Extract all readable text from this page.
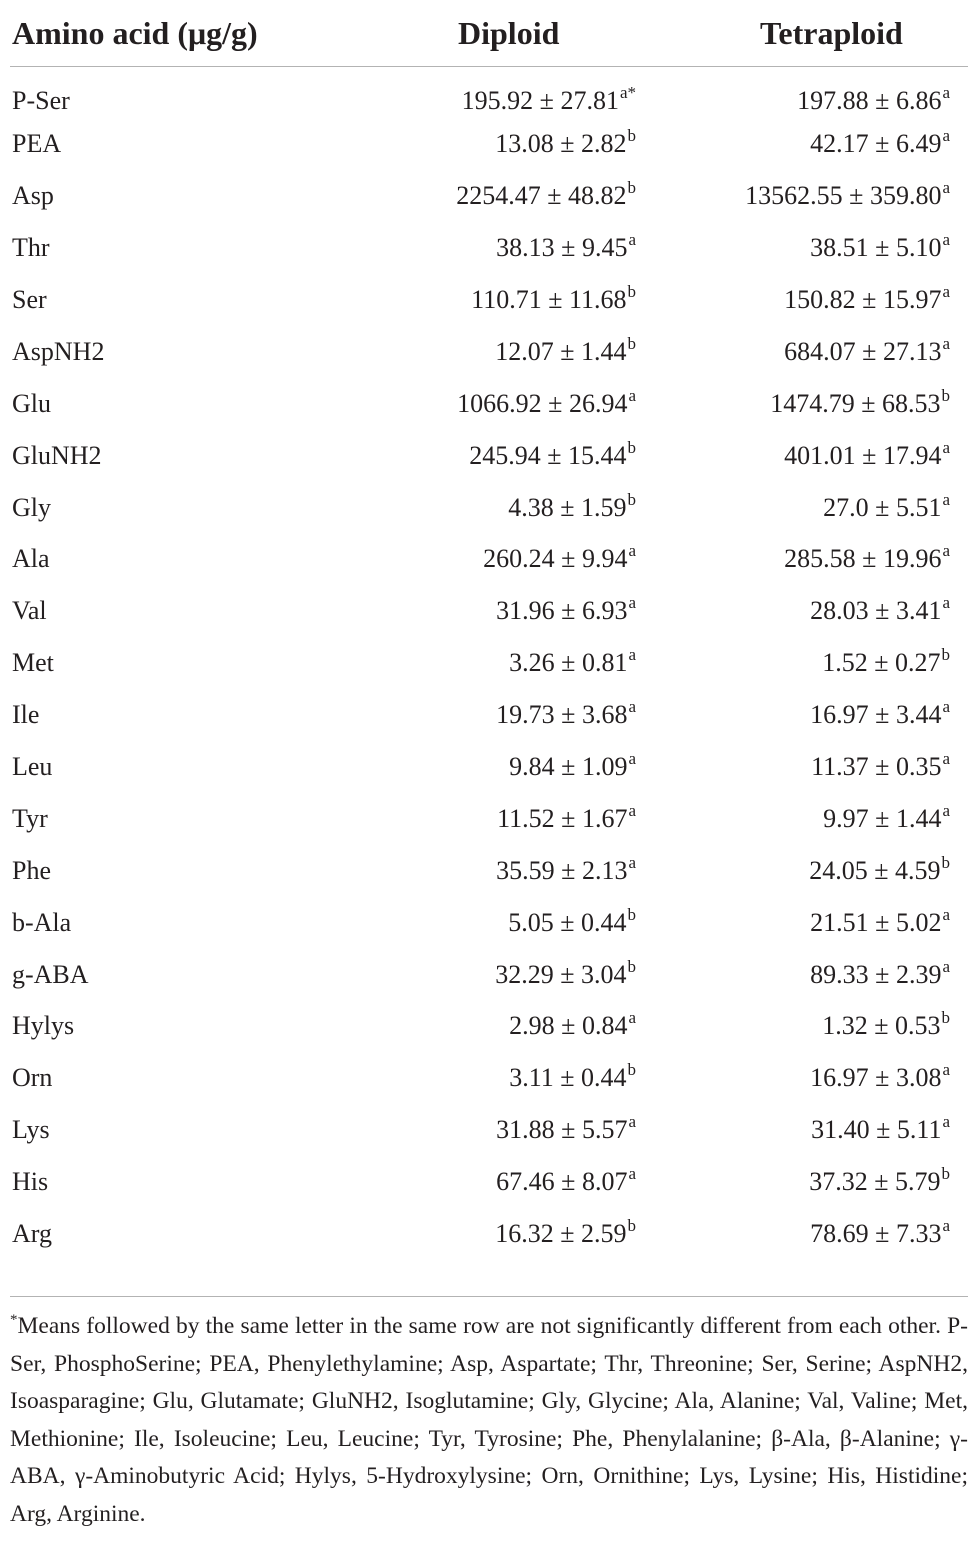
Amino acid (μg/g)	Diploid	Tetraploid
P-Ser	$195.92 \pm 27.81^{a*}$	197.88 ± 6.86$^a$
PEA	13.08 ± 2.82$^b$	42.17 ± 6.49$^a$
Asp	2254.47 ± 48.82$^b$	13562.55 ± 359.80$^a$
Thr	38.13 ± 9.45$^a$	38.51 ± 5.10$^a$
Ser	110.71 ± 11.68$^b$	150.82 ± 15.97$^a$
AspNH2	12.07 ± 1.44$^b$	684.07 ± 27.13$^a$
Glu	1066.92 ± 26.94$^a$	1474.79 ± 68.53$^b$
GluNH2	245.94 ± 15.44$^b$	401.01 ± 17.94$^a$
Gly	4.38 ± 1.59$^b$	27.0 ± 5.51$^a$
Ala	260.24 ± 9.94$^a$	285.58 ± 19.96$^a$
Val	31.96 ± 6.93$^a$	28.03 ± 3.41$^a$
Met	3.26 ± 0.81$^a$	1.52 ± 0.27$^b$
Ile	19.73 ± 3.68$^a$	16.97 ± 3.44$^a$
Leu	9.84 ± 1.09$^a$	11.37 ± 0.35$^a$
Tyr	11.52 ± 1.67$^a$	9.97 ± 1.44$^a$
Phe	35.59 ± 2.13$^a$	24.05 ± 4.59$^b$
b-Ala	5.05 ± 0.44$^b$	21.51 ± 5.02$^a$
g-ABA	32.29 ± 3.04$^b$	89.33 ± 2.39$^a$
Hylys	2.98 ± 0.84$^a$	1.32 ± 0.53$^b$
Orn	3.11 ± 0.44$^b$	16.97 ± 3.08$^a$
Lys	31.88 ± 5.57$^a$	31.40 ± 5.11$^a$
His	67.46 ± 8.07$^a$	37.32 ± 5.79$^b$
Arg	16.32 ± 2.59$^b$	78.69 ± 7.33$^a$
*Means followed by the same letter in the same row are not significantly different from each other. P-Ser, PhosphoSerine; PEA, Phenylethylamine; Asp, Aspartate; Thr, Threonine; Ser, Serine; AspNH2, Isoasparagine; Glu, Glutamate; GluNH2, Isoglutamine; Gly, Glycine; Ala, Alanine; Val, Valine; Met, Methionine; Ile, Isoleucine; Leu, Leucine; Tyr, Tyrosine; Phe, Phenylalanine; β-Ala, β-Alanine; γ-ABA, γ-Aminobutyric Acid; Hylys, 5-Hydroxylysine; Orn, Ornithine; Lys, Lysine; His, Histidine; Arg, Arginine.
